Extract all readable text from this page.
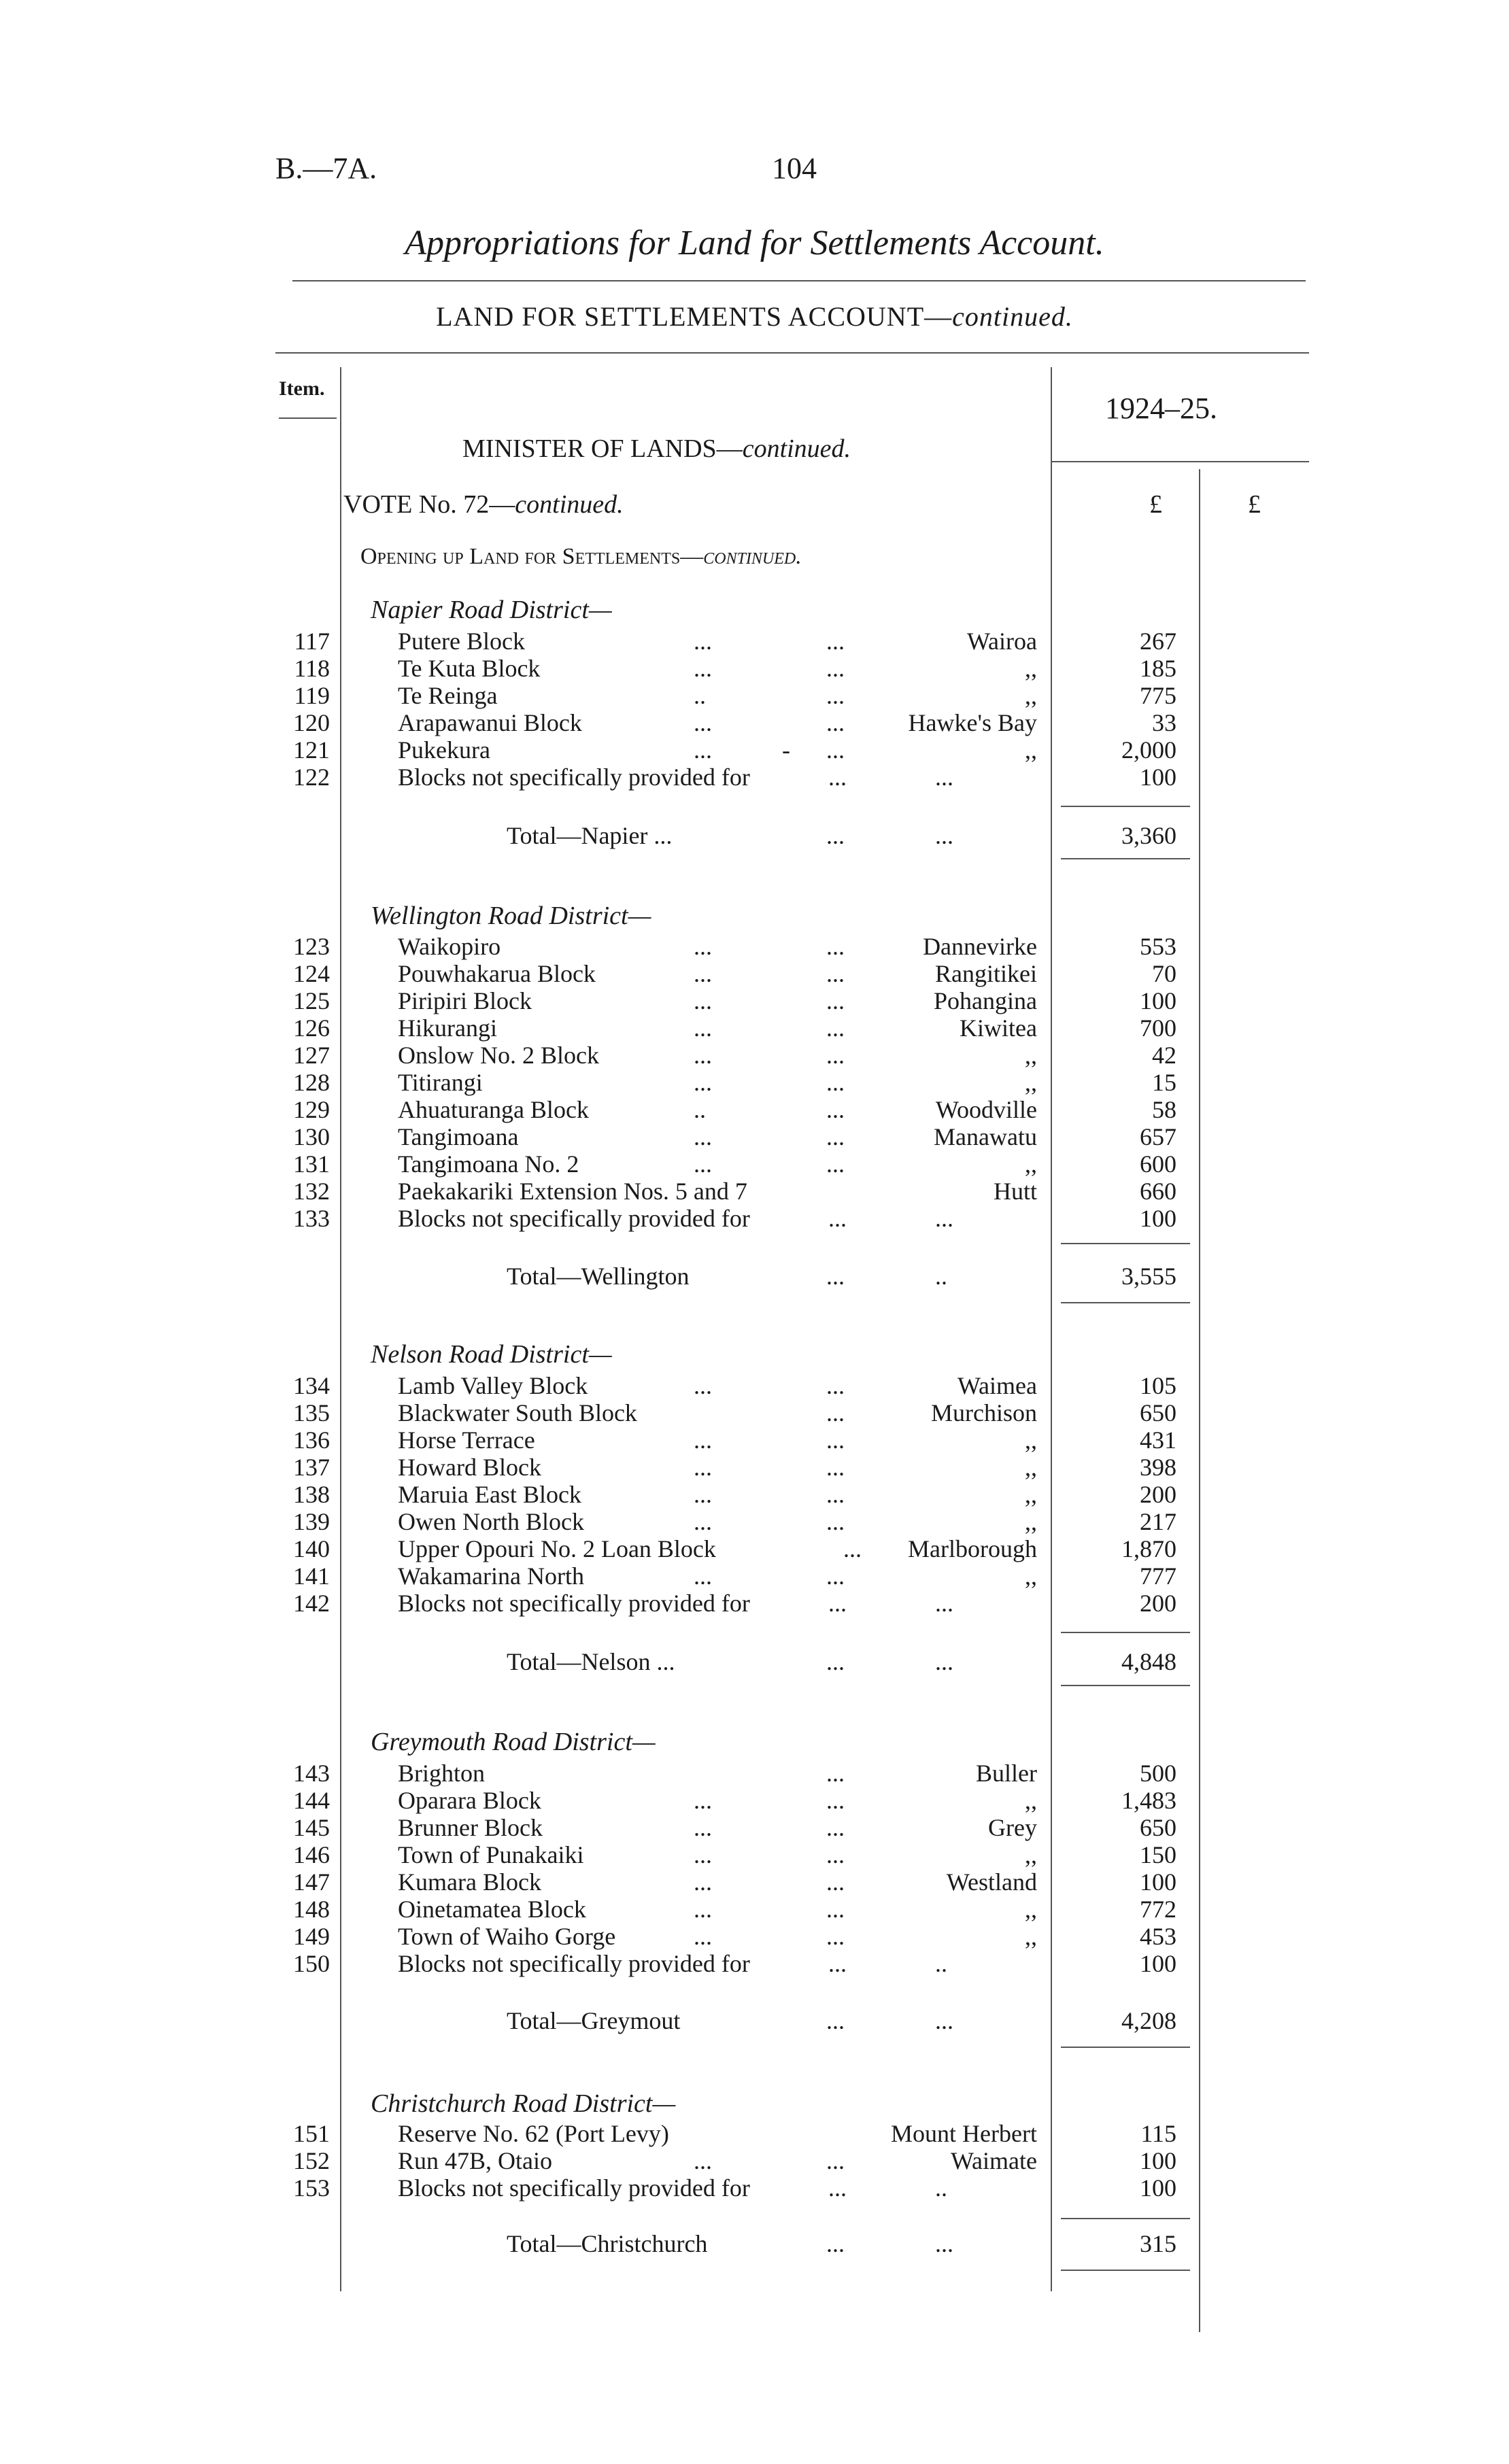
B.—7A.	104
Appropriations for Land for Settlements Account.
LAND FOR SETTLEMENTS ACCOUNT—continued.
Item.
1924–25.
MINISTER OF LANDS—continued.
VOTE No. 72—continued.	£	£
Opening up Land for Settlements—continued.
Napier Road District—
117	Putere Block	...	...	Wairoa	267
118	Te Kuta Block	...	...	,,	185
119	Te Reinga	..	...	,,	775
120	Arapawanui Block	...	...	Hawke's Bay	33
121	Pukekura	...	- ...	,,	2,000
122	Blocks not specifically provided for	...	...	100
Total—Napier ...	...	...	3,360
Wellington Road District—
123	Waikopiro	...	...	Dannevirke	553
124	Pouwhakarua Block	...	...	Rangitikei	70
125	Piripiri Block	...	...	Pohangina	100
126	Hikurangi	...	...	Kiwitea	700
127	Onslow No. 2 Block	...	...	,,	42
128	Titirangi	...	...	,,	15
129	Ahuaturanga Block	..	...	Woodville	58
130	Tangimoana	...	...	Manawatu	657
131	Tangimoana No. 2	...	...	,,	600
132	Paekakariki Extension Nos. 5 and 7	Hutt	660
133	Blocks not specifically provided for	...	...	100
Total—Wellington	...	..	3,555
Nelson Road District—
134	Lamb Valley Block	...	...	Waimea	105
135	Blackwater South Block	...	Murchison	650
136	Horse Terrace	...	...	,,	431
137	Howard Block	...	...	,,	398
138	Maruia East Block	...	...	,,	200
139	Owen North Block	...	...	,,	217
140	Upper Opouri No. 2 Loan Block	...	Marlborough	1,870
141	Wakamarina North	...	...	,,	777
142	Blocks not specifically provided for	...	...	200
Total—Nelson ...	...	...	4,848
Greymouth Road District—
143	Brighton	...	Buller	500
144	Oparara Block	...	...	,,	1,483
145	Brunner Block	...	...	Grey	650
146	Town of Punakaiki	...	...	,,	150
147	Kumara Block	...	...	Westland	100
148	Oinetamatea Block	...	...	,,	772
149	Town of Waiho Gorge	...	...	,,	453
150	Blocks not specifically provided for	...	..	100
Total—Greymout	...	...	4,208
Christchurch Road District—
151	Reserve No. 62 (Port Levy)	Mount Herbert	115
152	Run 47B, Otaio	...	...	Waimate	100
153	Blocks not specifically provided for	...	..	100
Total—Christchurch	...	...	315
